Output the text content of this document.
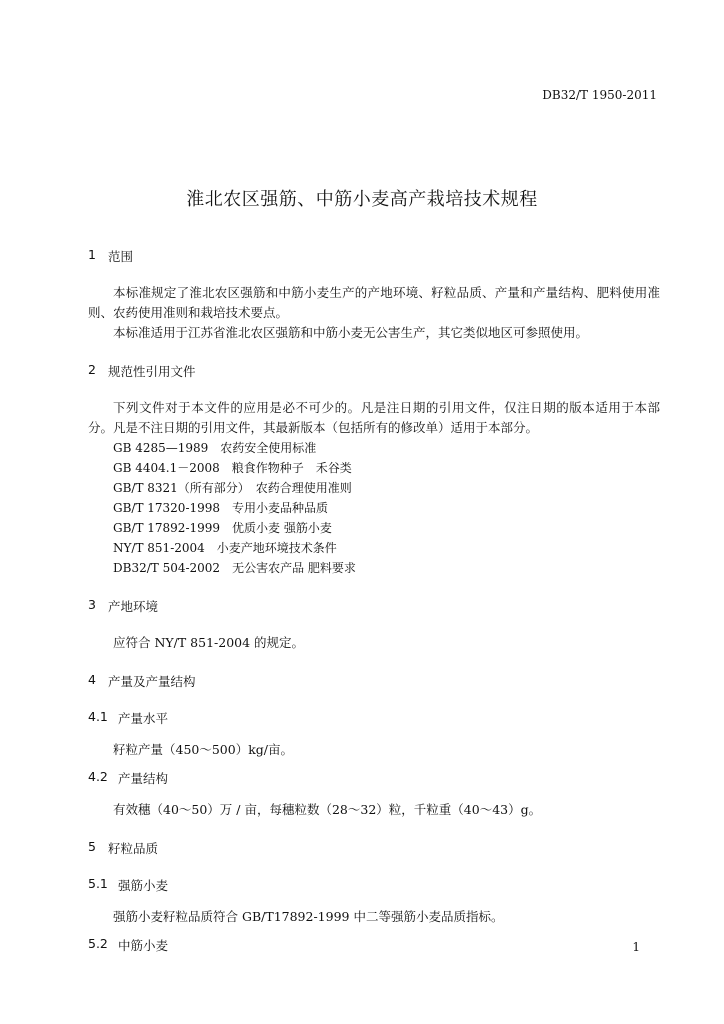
DB32/T 1950-2011
淮北农区强筋、中筋小麦高产栽培技术规程
1 范围
本标准规定了淮北农区强筋和中筋小麦生产的产地环境、籽粒品质、产量和产量结构、肥料使用准则、农药使用准则和栽培技术要点。
本标准适用于江苏省淮北农区强筋和中筋小麦无公害生产，其它类似地区可参照使用。
2 规范性引用文件
下列文件对于本文件的应用是必不可少的。凡是注日期的引用文件，仅注日期的版本适用于本部分。凡是不注日期的引用文件，其最新版本（包括所有的修改单）适用于本部分。
GB 4285—1989　农药安全使用标准
GB 4404.1－2008　粮食作物种子　禾谷类
GB/T 8321（所有部分）　农药合理使用准则
GB/T 17320-1998　专用小麦品种品质
GB/T 17892-1999　优质小麦 强筋小麦
NY/T 851-2004　小麦产地环境技术条件
DB32/T 504-2002　无公害农产品 肥料要求
3 产地环境
应符合 NY/T 851-2004 的规定。
4 产量及产量结构
4.1 产量水平
籽粒产量（450～500）kg/亩。
4.2 产量结构
有效穗（40～50）万 / 亩，每穗粒数（28～32）粒，千粒重（40～43）g。
5 籽粒品质
5.1 强筋小麦
强筋小麦籽粒品质符合 GB/T17892-1999 中二等强筋小麦品质指标。
5.2 中筋小麦	1
